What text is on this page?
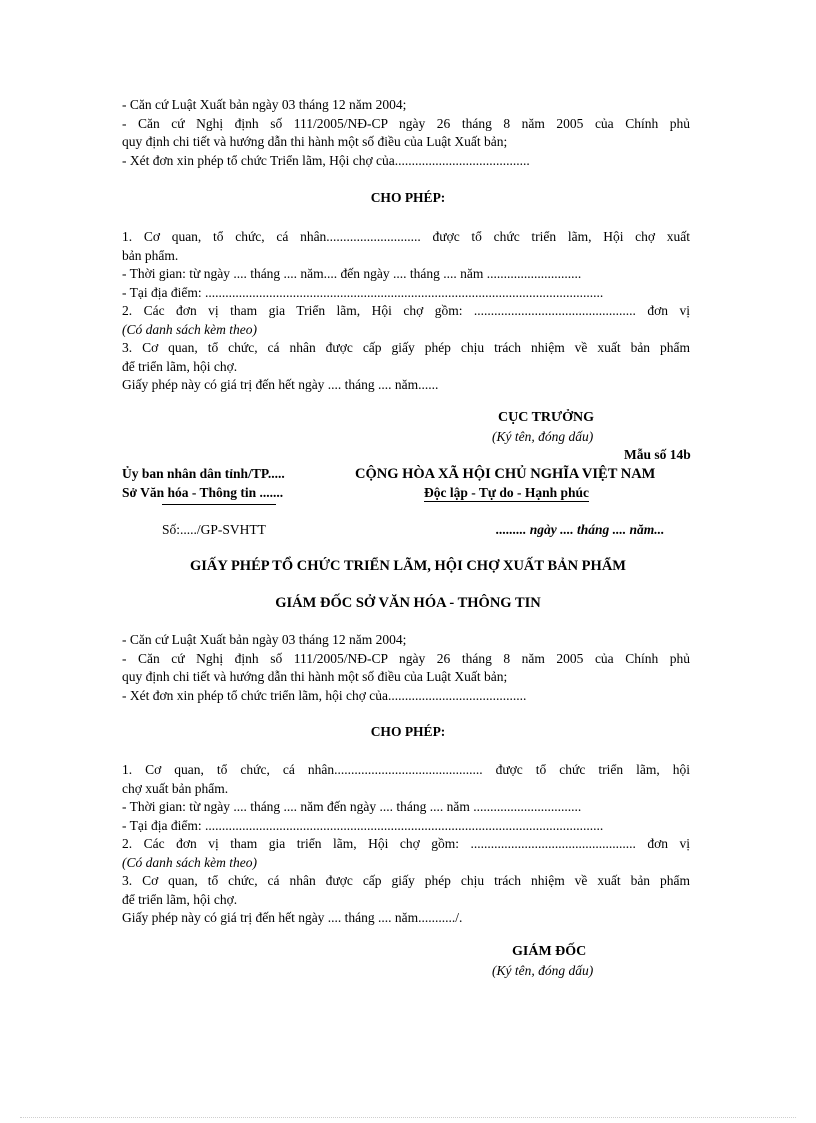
- Căn cứ Luật Xuất bản ngày 03 tháng 12 năm 2004;

- Căn cứ Nghị định số 111/2005/NĐ-CP ngày 26 tháng 8 năm 2005 của Chính phủ

quy định chi tiết và hướng dẫn thi hành một số điều của Luật Xuất bản;

- Xét đơn xin phép tổ chức Triển lãm, Hội chợ của........................................

CHO PHÉP:

1. Cơ quan, tổ chức, cá nhân............................ được tổ chức triển lãm, Hội chợ xuất

bản phẩm.

- Thời gian: từ ngày .... tháng .... năm.... đến ngày .... tháng .... năm ............................

- Tại địa điểm: ......................................................................................................................

2. Các đơn vị tham gia Triển lãm, Hội chợ gồm: ................................................ đơn vị

(Có danh sách kèm theo)

3. Cơ quan, tổ chức, cá nhân được cấp giấy phép chịu trách nhiệm về xuất bản phẩm

để triển lãm, hội chợ.

Giấy phép này có giá trị đến hết ngày .... tháng .... năm......

CỤC TRƯỞNG
(Ký tên, đóng dấu)
Mẫu số 14b
Ủy ban nhân dân tỉnh/TP.....
Sở Văn hóa - Thông tin .......
CỘNG HÒA XÃ HỘI CHỦ NGHĨA VIỆT NAM
Độc lập - Tự do - Hạnh phúc
Số:...../GP-SVHTT	......... ngày .... tháng .... năm...
GIẤY PHÉP TỔ CHỨC TRIỂN LÃM, HỘI CHỢ XUẤT BẢN PHẨM
GIÁM ĐỐC SỞ VĂN HÓA - THÔNG TIN

- Căn cứ Luật Xuất bản ngày 03 tháng 12 năm 2004;

- Căn cứ Nghị định số 111/2005/NĐ-CP ngày 26 tháng 8 năm 2005 của Chính phủ

quy định chi tiết và hướng dẫn thi hành một số điều của Luật Xuất bản;

- Xét đơn xin phép tổ chức triển lãm, hội chợ của.........................................

CHO PHÉP:

1. Cơ quan, tổ chức, cá nhân............................................ được tổ chức triển lãm, hội

chợ xuất bản phẩm.

- Thời gian: từ ngày .... tháng .... năm đến ngày .... tháng .... năm ................................

- Tại địa điểm: ......................................................................................................................

2. Các đơn vị tham gia triển lãm, Hội chợ gồm: ................................................. đơn vị

(Có danh sách kèm theo)

3. Cơ quan, tổ chức, cá nhân được cấp giấy phép chịu trách nhiệm về xuất bản phẩm

để triển lãm, hội chợ.

Giấy phép này có giá trị đến hết ngày .... tháng .... năm.........../.

GIÁM ĐỐC
(Ký tên, đóng dấu)
